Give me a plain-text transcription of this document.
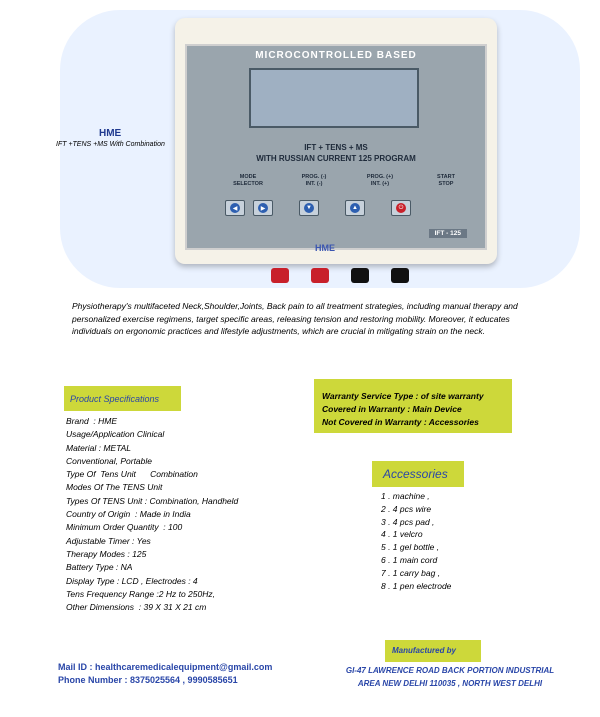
MICROCONTROLLED BASED
IFT + TENS + MS
WITH RUSSIAN CURRENT 125 PROGRAM
MODE
SELECTOR
PROG. (-)
INT. (-)
PROG. (+)
INT. (+)
START
STOP
◀	▶	▼	▲	⏻
IFT - 125
HME
HME
IFT +TENS +MS With Combination

Physiotherapy's multifaceted Neck,Shoulder,Joints, Back pain to all treatment strategies, including manual therapy and personalized exercise regimens, target specific areas, releasing tension and restoring mobility. Moreover, it educates individuals on ergonomic practices and lifestyle adjustments, which are crucial in mitigating strain on the neck.

Product Specifications
Brand  : HME
Usage/Application Clinical
Material : METAL
Conventional, Portable
Type Of  Tens Unit      Combination
Modes Of The TENS Unit
Types Of TENS Unit : Combination, Handheld
Country of Origin  : Made in India
Minimum Order Quantity  : 100
Adjustable Timer : Yes
Therapy Modes : 125
Battery Type : NA
Display Type : LCD , Electrodes : 4
Tens Frequency Range :2 Hz to 250Hz,
Other Dimensions  : 39 X 31 X 21 cm
Warranty Service Type : of site warranty
Covered in Warranty : Main Device
Not Covered in Warranty : Accessories
Accessories
1 . machine ,
2 . 4 pcs wire
3 . 4 pcs pad ,
4 . 1 velcro
5 . 1 gel bottle ,
6 . 1 main cord
7 . 1 carry bag ,
8 . 1 pen electrode
Manufactured by
GI-47 LAWRENCE ROAD BACK PORTION INDUSTRIAL
AREA NEW DELHI 110035 , NORTH WEST DELHI
Mail ID : healthcaremedicalequipment@gmail.com
Phone Number : 8375025564 , 9990585651
